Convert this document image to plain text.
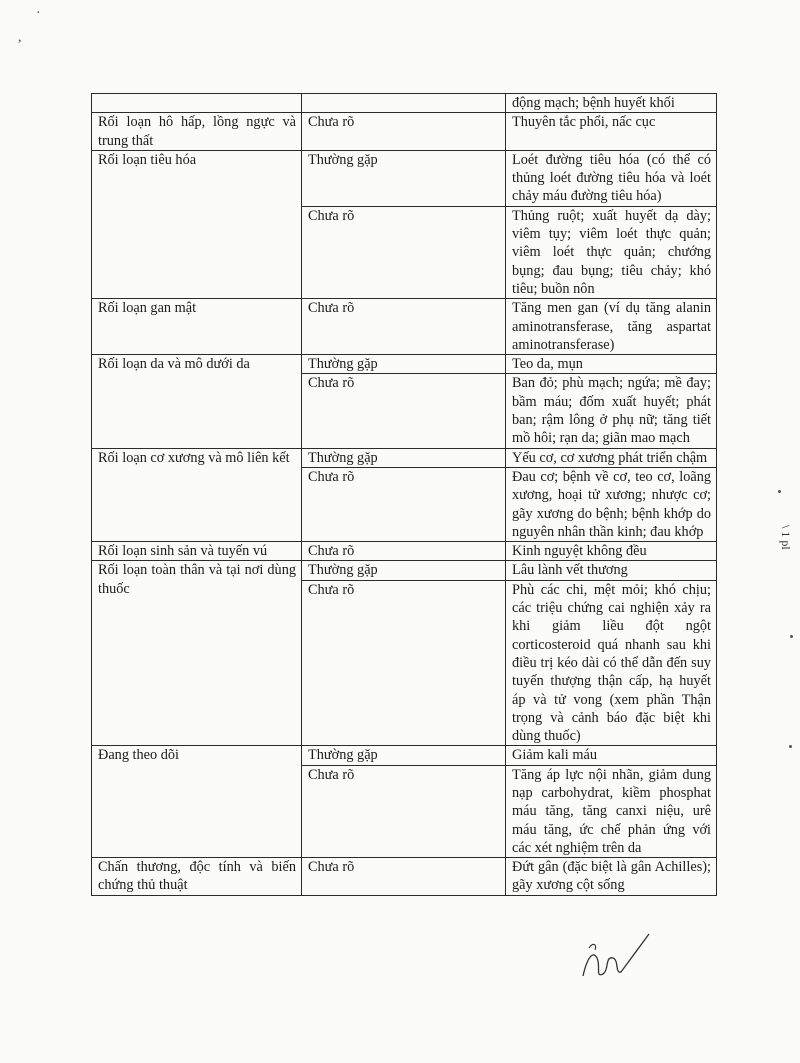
·
,
		động mạch; bệnh huyết khối
Rối loạn hô hấp, lồng ngực và trung thất	Chưa rõ	Thuyên tắc phổi, nấc cục
Rối loạn tiêu hóa	Thường gặp	Loét đường tiêu hóa (có thể có thủng loét đường tiêu hóa và loét chảy máu đường tiêu hóa)
	Chưa rõ	Thủng ruột; xuất huyết dạ dày; viêm tụy; viêm loét thực quản; viêm loét thực quản; chướng bụng; đau bụng; tiêu chảy; khó tiêu; buồn nôn
Rối loạn gan mật	Chưa rõ	Tăng men gan (ví dụ tăng alanin aminotransferase, tăng aspartat aminotransferase)
Rối loạn da và mô dưới da	Thường gặp	Teo da, mụn
	Chưa rõ	Ban đỏ; phù mạch; ngứa; mề đay; bầm máu; đốm xuất huyết; phát ban; rậm lông ở phụ nữ; tăng tiết mồ hôi; rạn da; giãn mao mạch
Rối loạn cơ xương và mô liên kết	Thường gặp	Yếu cơ, cơ xương phát triển chậm
	Chưa rõ	Đau cơ; bệnh về cơ, teo cơ, loãng xương, hoại tử xương; nhược cơ; gãy xương do bệnh; bệnh khớp do nguyên nhân thần kinh; đau khớp
Rối loạn sinh sản và tuyến vú	Chưa rõ	Kinh nguyệt không đều
Rối loạn toàn thân và tại nơi dùng thuốc	Thường gặp	Lâu lành vết thương
	Chưa rõ	Phù các chi, mệt mỏi; khó chịu; các triệu chứng cai nghiện xảy ra khi giảm liều đột ngột corticosteroid quá nhanh sau khi điều trị kéo dài có thể dẫn đến suy tuyến thượng thận cấp, hạ huyết áp và tử vong (xem phần Thận trọng và cảnh báo đặc biệt khi dùng thuốc)
Đang theo dõi	Thường gặp	Giảm kali máu
	Chưa rõ	Tăng áp lực nội nhãn, giảm dung nạp carbohydrat, kiềm phosphat máu tăng, tăng canxi niệu, urê máu tăng, ức chế phản ứng với các xét nghiệm trên da
Chấn thương, độc tính và biến chứng thủ thuật	Chưa rõ	Đứt gân (đặc biệt là gân Achilles); gãy xương cột sống
\ 1 pl
